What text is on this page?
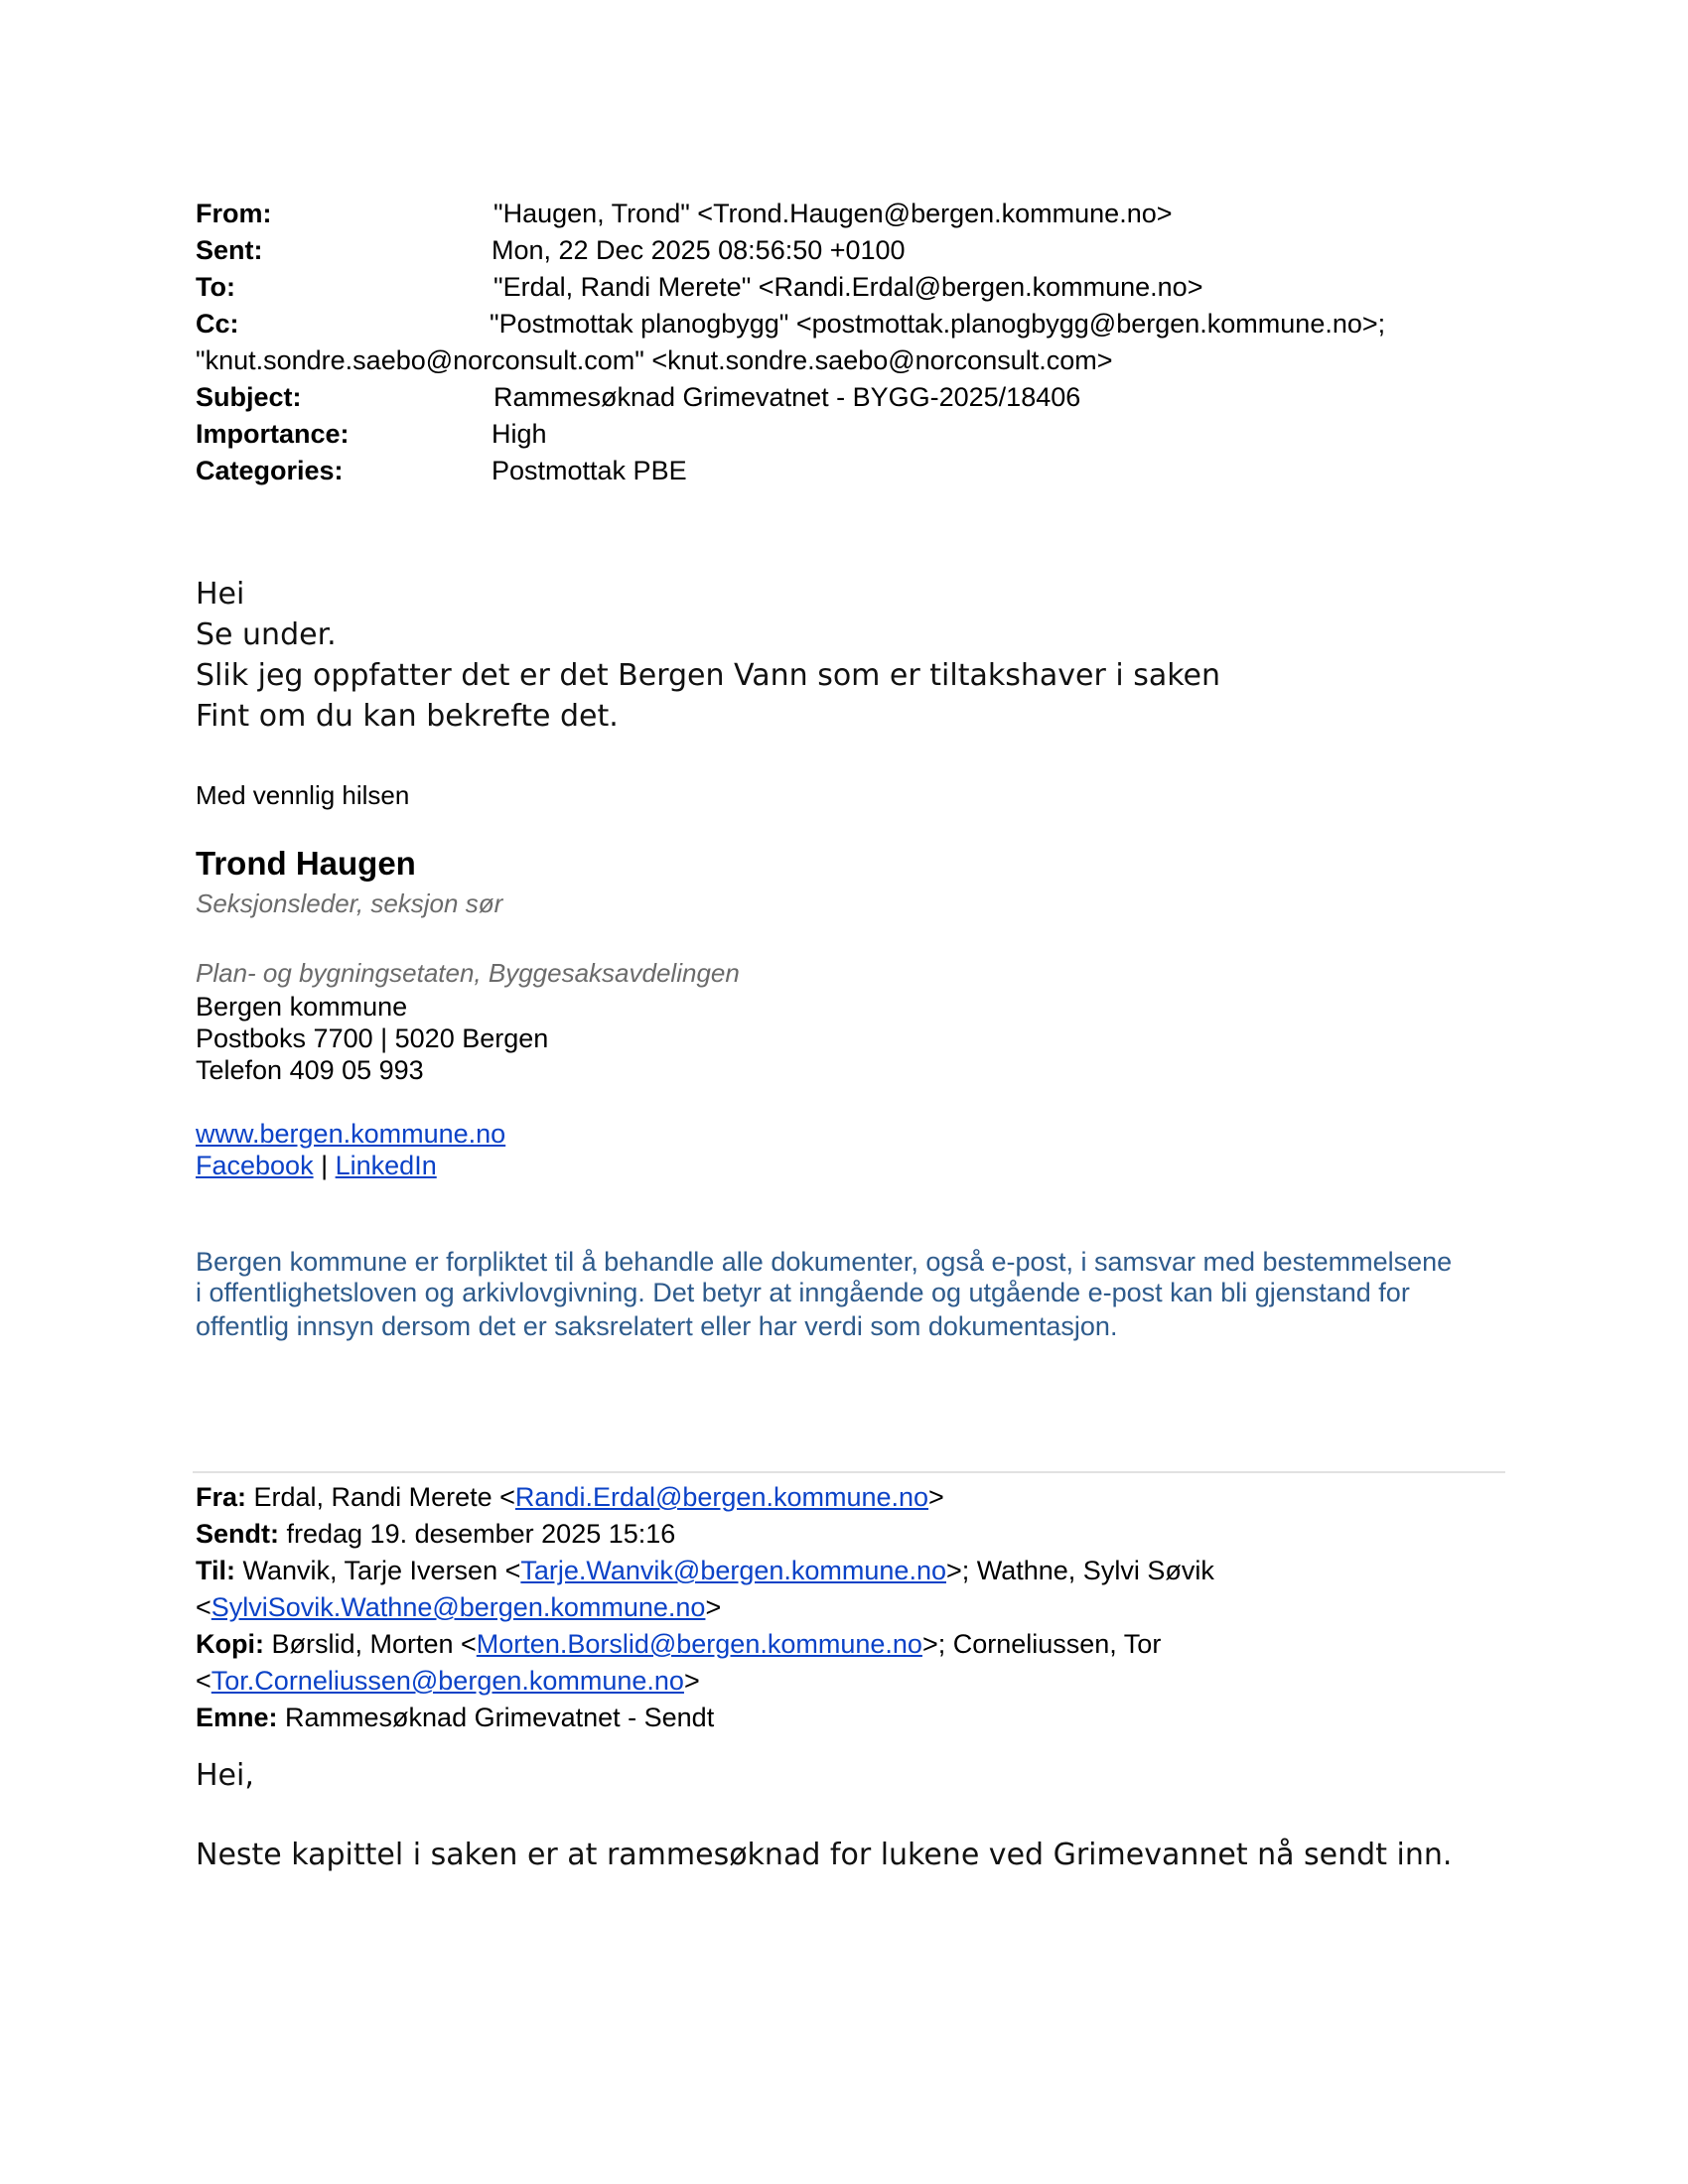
From:	"Haugen, Trond" <Trond.Haugen@bergen.kommune.no>
Sent:	Mon, 22 Dec 2025 08:56:50 +0100
To:	"Erdal, Randi Merete" <Randi.Erdal@bergen.kommune.no>
Cc:	"Postmottak planogbygg" <postmottak.planogbygg@bergen.kommune.no>;
"knut.sondre.saebo@norconsult.com" <knut.sondre.saebo@norconsult.com>
Subject:	Rammesøknad Grimevatnet - BYGG-2025/18406
Importance:	High
Categories:	Postmottak PBE
Hei
Se under.
Slik jeg oppfatter det er det Bergen Vann som er tiltakshaver i saken
Fint om du kan bekrefte det.
Med vennlig hilsen
Trond Haugen
Seksjonsleder, seksjon sør
Plan- og bygningsetaten, Byggesaksavdelingen
Bergen kommune
Postboks 7700 | 5020 Bergen
Telefon 409 05 993
www.bergen.kommune.no
Facebook | LinkedIn
Bergen kommune er forpliktet til å behandle alle dokumenter, også e-post, i samsvar med bestemmelsene
i offentlighetsloven og arkivlovgivning. Det betyr at inngående og utgående e-post kan bli gjenstand for
offentlig innsyn dersom det er saksrelatert eller har verdi som dokumentasjon.
Fra: Erdal, Randi Merete <Randi.Erdal@bergen.kommune.no>
Sendt: fredag 19. desember 2025 15:16
Til: Wanvik, Tarje Iversen <Tarje.Wanvik@bergen.kommune.no>; Wathne, Sylvi Søvik
<SylviSovik.Wathne@bergen.kommune.no>
Kopi: Børslid, Morten <Morten.Borslid@bergen.kommune.no>; Corneliussen, Tor
<Tor.Corneliussen@bergen.kommune.no>
Emne: Rammesøknad Grimevatnet - Sendt
Hei,
Neste kapittel i saken er at rammesøknad for lukene ved Grimevannet nå sendt inn.
